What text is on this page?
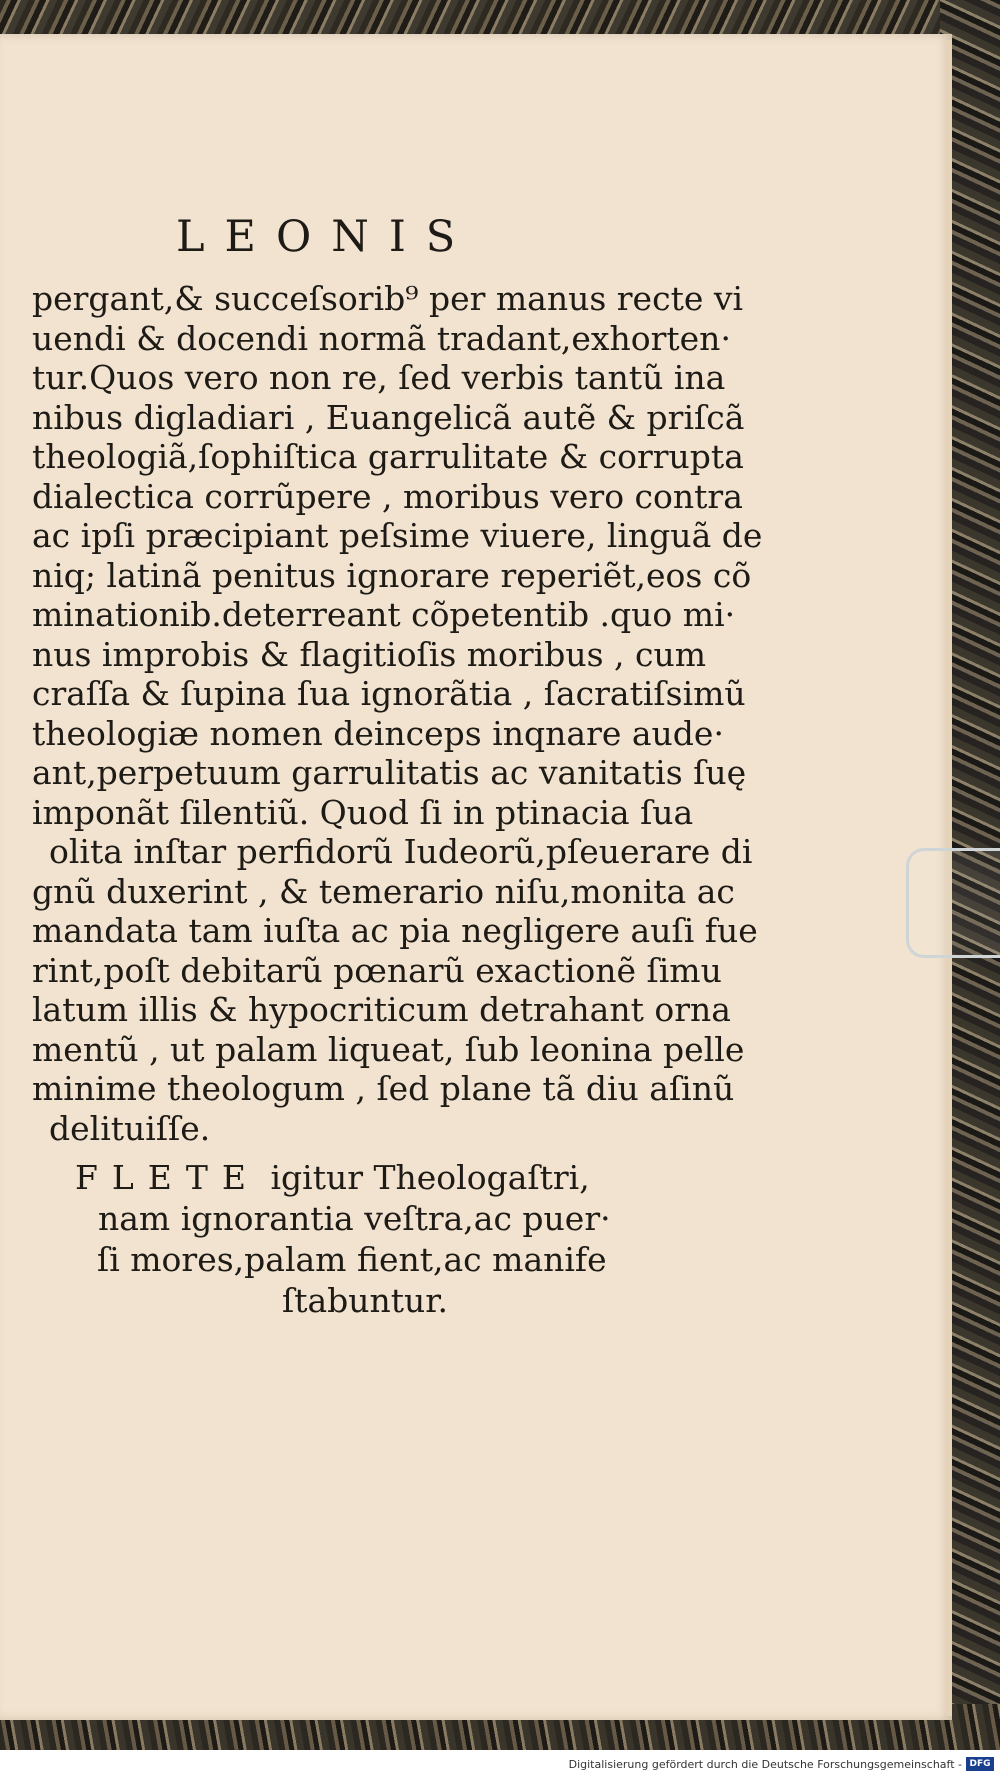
LEONIS
pergant,& succeſsorib⁹ per manus recte vi
uendi & docendi normã tradant,exhorten·
tur.Quos vero non re, ſed verbis tantũ ina
nibus digladiari , Euangelicã autẽ & priſcã
theologiã,ſophiſtica garrulitate & corrupta
dialectica corrũpere , moribus vero contra
ac ipſi præcipiant peſsime viuere, linguã de
niq; latinã penitus ignorare reperiẽt,eos cõ
minationib.deterreant cõpetentib .quo mi·
nus improbis & flagitioſis moribus , cum
craſſa & ſupina ſua ignorãtia , ſacratiſsimũ
theologiæ nomen deinceps inqnare aude·
ant,perpetuum garrulitatis ac vanitatis ſuę
imponãt ſilentiũ. Quod ſi in ptinacia ſua
olita inſtar perfidorũ Iudeorũ,pſeuerare di
gnũ duxerint , & temerario niſu,monita ac
mandata tam iuſta ac pia negligere auſi fue
rint,poſt debitarũ pœnarũ exactionẽ ſimu
latum illis & hypocriticum detrahant orna
mentũ , ut palam liqueat, ſub leonina pelle
minime theologum , ſed plane tã diu aſinũ
delituiſſe.
FLETE igitur Theologaſtri,
nam ignorantia veſtra,ac puer·
ſi mores,palam fient,ac manife
ſtabuntur.
Digitalisierung gefördert durch die Deutsche Forschungsgemeinschaft - DFG
